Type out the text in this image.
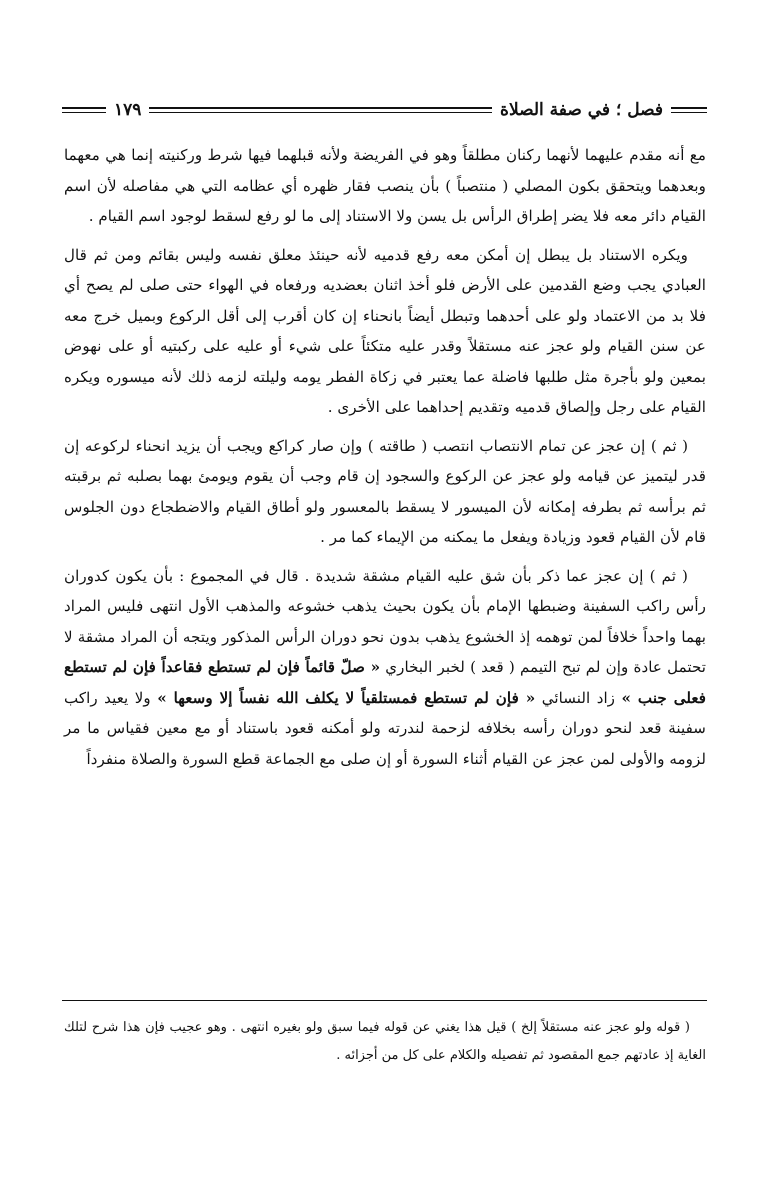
فصل ؛ في صفة الصلاة
١٧٩

مع أنه مقدم عليهما لأنهما ركنان مطلقاً وهو في الفريضة ولأنه قبلهما فيها شرط وركنيته إنما هي معهما وبعدهما ويتحقق بكون المصلي ( منتصباً ) بأن ينصب فقار ظهره أي عظامه التي هي مفاصله لأن اسم القيام دائر معه فلا يضر إطراق الرأس بل يسن ولا الاستناد إلى ما لو رفع لسقط لوجود اسم القيام .

ويكره الاستناد بل يبطل إن أمكن معه رفع قدميه لأنه حينئذ معلق نفسه وليس بقائم ومن ثم قال العبادي يجب وضع القدمين على الأرض فلو أخذ اثنان بعضديه ورفعاه في الهواء حتى صلى لم يصح أي فلا بد من الاعتماد ولو على أحدهما وتبطل أيضاً بانحناء إن كان أقرب إلى أقل الركوع وبميل خرج معه عن سنن القيام ولو عجز عنه مستقلاً وقدر عليه متكئاً على شيء أو عليه على ركبتيه أو على نهوض بمعين ولو بأجرة مثل طلبها فاضلة عما يعتبر في زكاة الفطر يومه وليلته لزمه ذلك لأنه ميسوره ويكره القيام على رجل وإلصاق قدميه وتقديم إحداهما على الأخرى .

( ثم ) إن عجز عن تمام الانتصاب انتصب ( طاقته ) وإن صار كراكع ويجب أن يزيد انحناء لركوعه إن قدر ليتميز عن قيامه ولو عجز عن الركوع والسجود إن قام وجب أن يقوم ويومئ بهما بصلبه ثم برقبته ثم برأسه ثم بطرفه إمكانه لأن الميسور لا يسقط بالمعسور ولو أطاق القيام والاضطجاع دون الجلوس قام لأن القيام قعود وزيادة ويفعل ما يمكنه من الإيماء كما مر .

( ثم ) إن عجز عما ذكر بأن شق عليه القيام مشقة شديدة . قال في المجموع : بأن يكون كدوران رأس راكب السفينة وضبطها الإمام بأن يكون بحيث يذهب خشوعه والمذهب الأول انتهى فليس المراد بهما واحداً خلافاً لمن توهمه إذ الخشوع يذهب بدون نحو دوران الرأس المذكور ويتجه أن المراد مشقة لا تحتمل عادة وإن لم تبح التيمم ( قعد ) لخبر البخاري « صلّ قائماً فإن لم تستطع فقاعداً فإن لم تستطع فعلى جنب » زاد النسائي « فإن لم تستطع فمستلقياً لا يكلف الله نفساً إلا وسعها » ولا يعيد راكب سفينة قعد لنحو دوران رأسه بخلافه لزحمة لندرته ولو أمكنه قعود باستناد أو مع معين فقياس ما مر لزومه والأولى لمن عجز عن القيام أثناء السورة أو إن صلى مع الجماعة قطع السورة والصلاة منفرداً

( قوله ولو عجز عنه مستقلاً إلخ ) قيل هذا يغني عن قوله فيما سبق ولو بغيره انتهى . وهو عجيب فإن هذا شرح لتلك الغاية إذ عادتهم جمع المقصود ثم تفصيله والكلام على كل من أجزائه .
